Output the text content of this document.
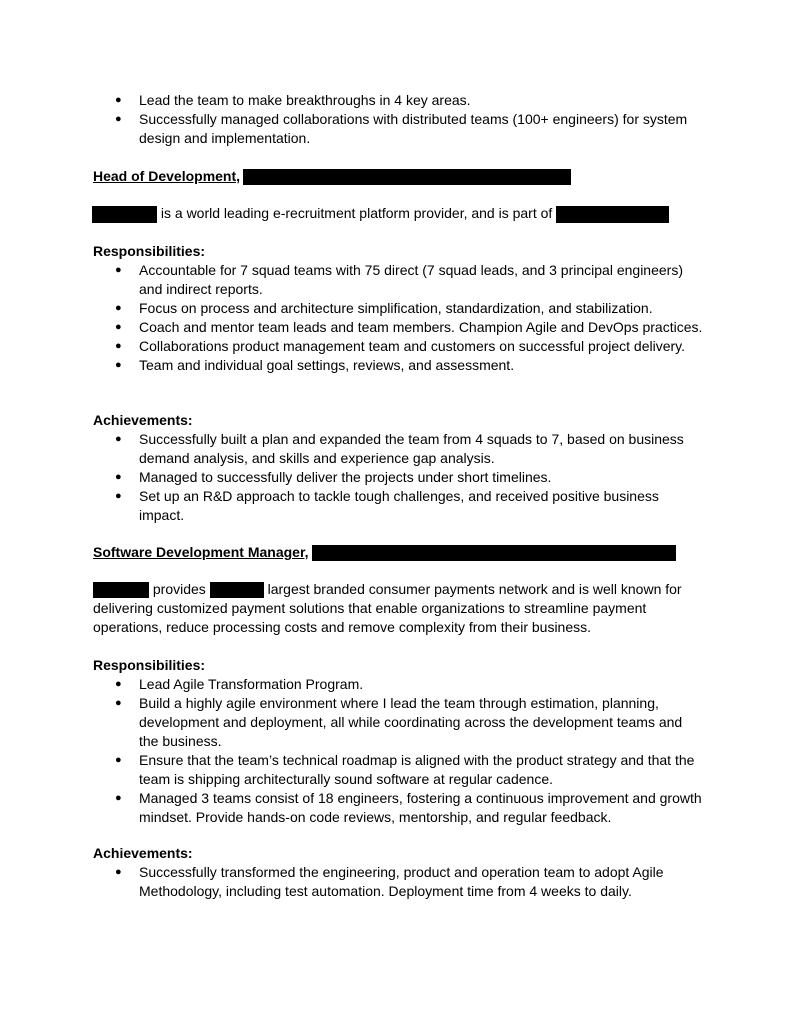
● Lead the team to make breakthroughs in 4 key areas.
● Successfully managed collaborations with distributed teams (100+ engineers) for system design and implementation.

Head of Development,

is a world leading e-recruitment platform provider, and is part of

Responsibilities:

● Accountable for 7 squad teams with 75 direct (7 squad leads, and 3 principal engineers) and indirect reports.
● Focus on process and architecture simplification, standardization, and stabilization.
● Coach and mentor team leads and team members. Champion Agile and DevOps practices.
● Collaborations product management team and customers on successful project delivery.
● Team and individual goal settings, reviews, and assessment.

Achievements:

● Successfully built a plan and expanded the team from 4 squads to 7, based on business demand analysis, and skills and experience gap analysis.
● Managed to successfully deliver the projects under short timelines.
● Set up an R&D approach to tackle tough challenges, and received positive business impact.

Software Development Manager,

provides	largest branded consumer payments network and is well known for delivering customized payment solutions that enable organizations to streamline payment operations, reduce processing costs and remove complexity from their business.

Responsibilities:

● Lead Agile Transformation Program.
● Build a highly agile environment where I lead the team through estimation, planning, development and deployment, all while coordinating across the development teams and the business.
● Ensure that the team’s technical roadmap is aligned with the product strategy and that the team is shipping architecturally sound software at regular cadence.
● Managed 3 teams consist of 18 engineers, fostering a continuous improvement and growth mindset. Provide hands-on code reviews, mentorship, and regular feedback.

Achievements:

● Successfully transformed the engineering, product and operation team to adopt Agile Methodology, including test automation. Deployment time from 4 weeks to daily.
